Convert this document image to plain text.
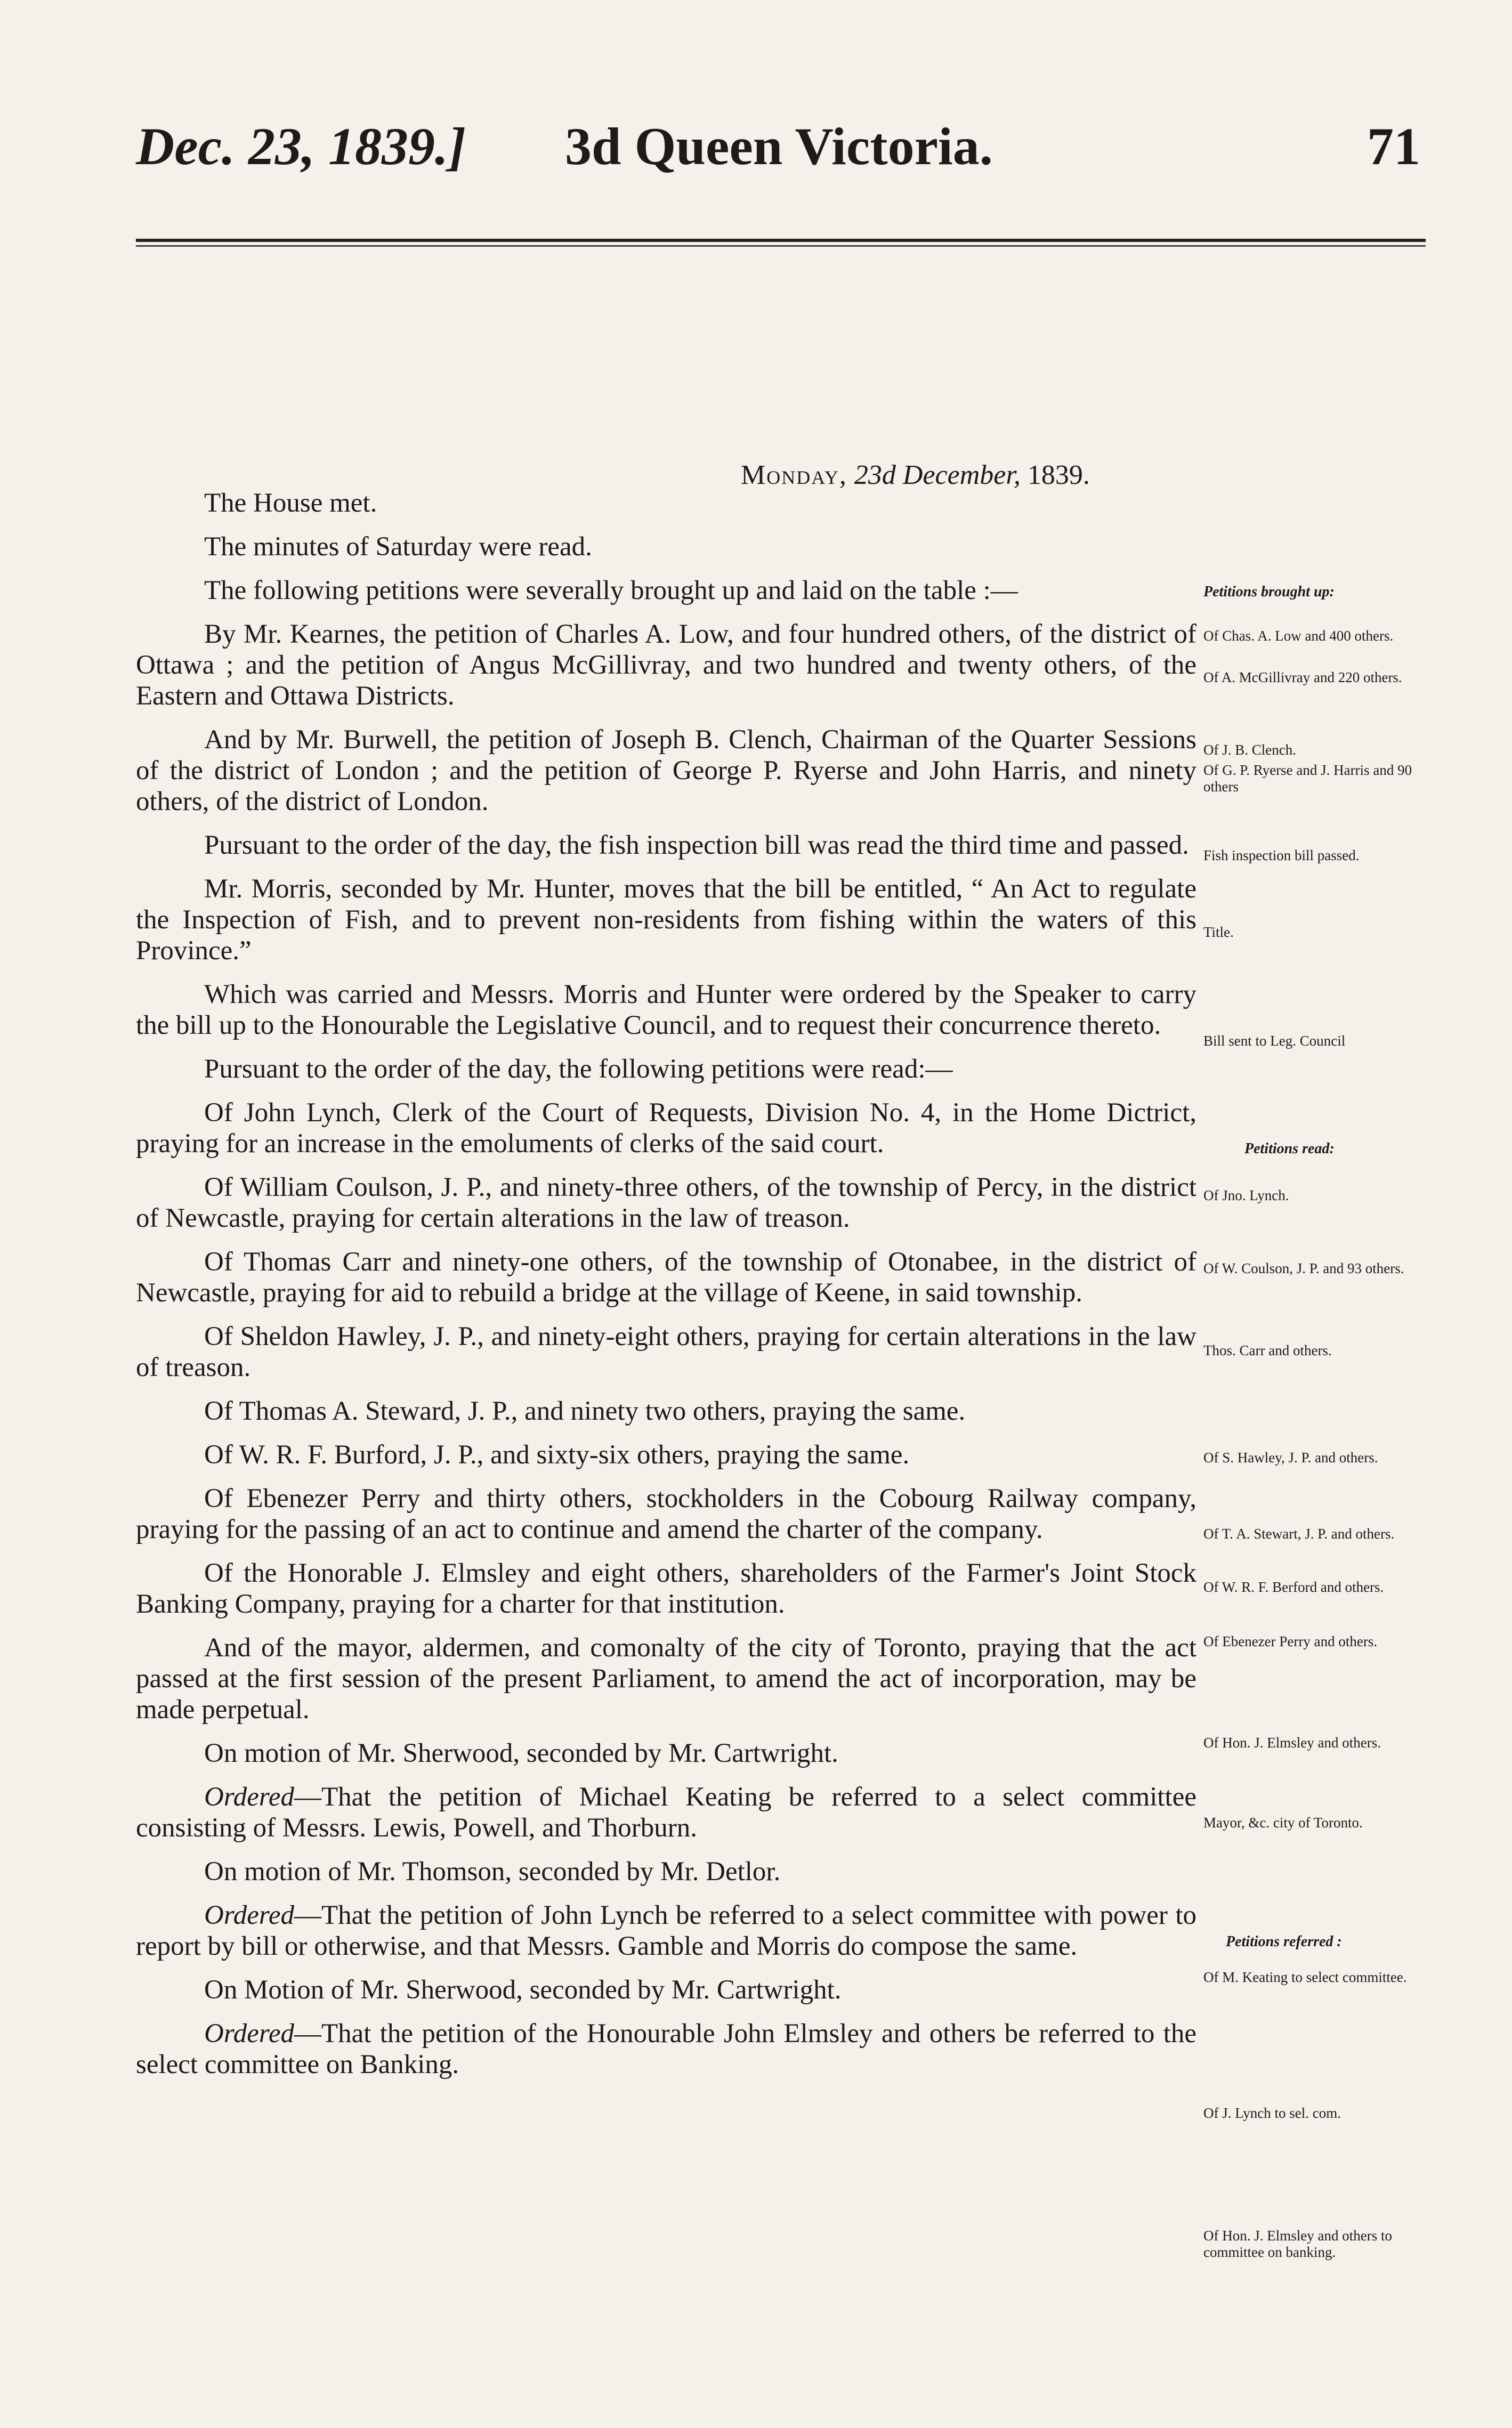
Dec. 23, 1839.] 3d Queen Victoria.	71
Monday, 23d December, 1839.

The House met.

The minutes of Saturday were read.

The following petitions were severally brought up and laid on the table :—

By Mr. Kearnes, the petition of Charles A. Low, and four hundred others, of the district of Ottawa ; and the petition of Angus McGillivray, and two hundred and twenty others, of the Eastern and Ottawa Districts.

And by Mr. Burwell, the petition of Joseph B. Clench, Chairman of the Quarter Sessions of the district of London ; and the petition of George P. Ryerse and John Harris, and ninety others, of the district of London.

Pursuant to the order of the day, the fish inspection bill was read the third time and passed.

Mr. Morris, seconded by Mr. Hunter, moves that the bill be entitled, “ An Act to regulate the Inspection of Fish, and to prevent non-residents from fishing within the waters of this Province.”

Which was carried and Messrs. Morris and Hunter were ordered by the Speaker to carry the bill up to the Honourable the Legislative Council, and to request their concurrence thereto.

Pursuant to the order of the day, the following petitions were read:—

Of John Lynch, Clerk of the Court of Requests, Division No. 4, in the Home Dictrict, praying for an increase in the emoluments of clerks of the said court.

Of William Coulson, J. P., and ninety-three others, of the township of Percy, in the district of Newcastle, praying for certain alterations in the law of treason.

Of Thomas Carr and ninety-one others, of the township of Otonabee, in the district of Newcastle, praying for aid to rebuild a bridge at the village of Keene, in said township.

Of Sheldon Hawley, J. P., and ninety-eight others, praying for certain alterations in the law of treason.

Of Thomas A. Steward, J. P., and ninety two others, praying the same.

Of W. R. F. Burford, J. P., and sixty-six others, praying the same.

Of Ebenezer Perry and thirty others, stockholders in the Cobourg Railway company, praying for the passing of an act to continue and amend the charter of the company.

Of the Honorable J. Elmsley and eight others, shareholders of the Farmer's Joint Stock Banking Company, praying for a charter for that institution.

And of the mayor, aldermen, and comonalty of the city of Toronto, praying that the act passed at the first session of the present Parliament, to amend the act of incorporation, may be made perpetual.

On motion of Mr. Sherwood, seconded by Mr. Cartwright.

Ordered—That the petition of Michael Keating be referred to a select committee consisting of Messrs. Lewis, Powell, and Thorburn.

On motion of Mr. Thomson, seconded by Mr. Detlor.

Ordered—That the petition of John Lynch be referred to a select committee with power to report by bill or otherwise, and that Messrs. Gamble and Morris do compose the same.

On Motion of Mr. Sherwood, seconded by Mr. Cartwright.

Ordered—That the petition of the Honourable John Elmsley and others be referred to the select committee on Banking.

Petitions brought up:
Of Chas. A. Low and 400 others.
Of A. McGillivray and 220 others.
Of J. B. Clench.
Of G. P. Ryerse and J. Harris and 90 others
Fish inspection bill passed.
Title.
Bill sent to Leg. Council
Petitions read:
Of Jno. Lynch.
Of W. Coulson, J. P. and 93 others.
Thos. Carr and others.
Of S. Hawley, J. P. and others.
Of T. A. Stewart, J. P. and others.
Of W. R. F. Berford and others.
Of Ebenezer Perry and others.
Of Hon. J. Elmsley and others.
Mayor, &c. city of Toronto.
Petitions referred :
Of M. Keating to select committee.
Of J. Lynch to sel. com.
Of Hon. J. Elmsley and others to committee on banking.
